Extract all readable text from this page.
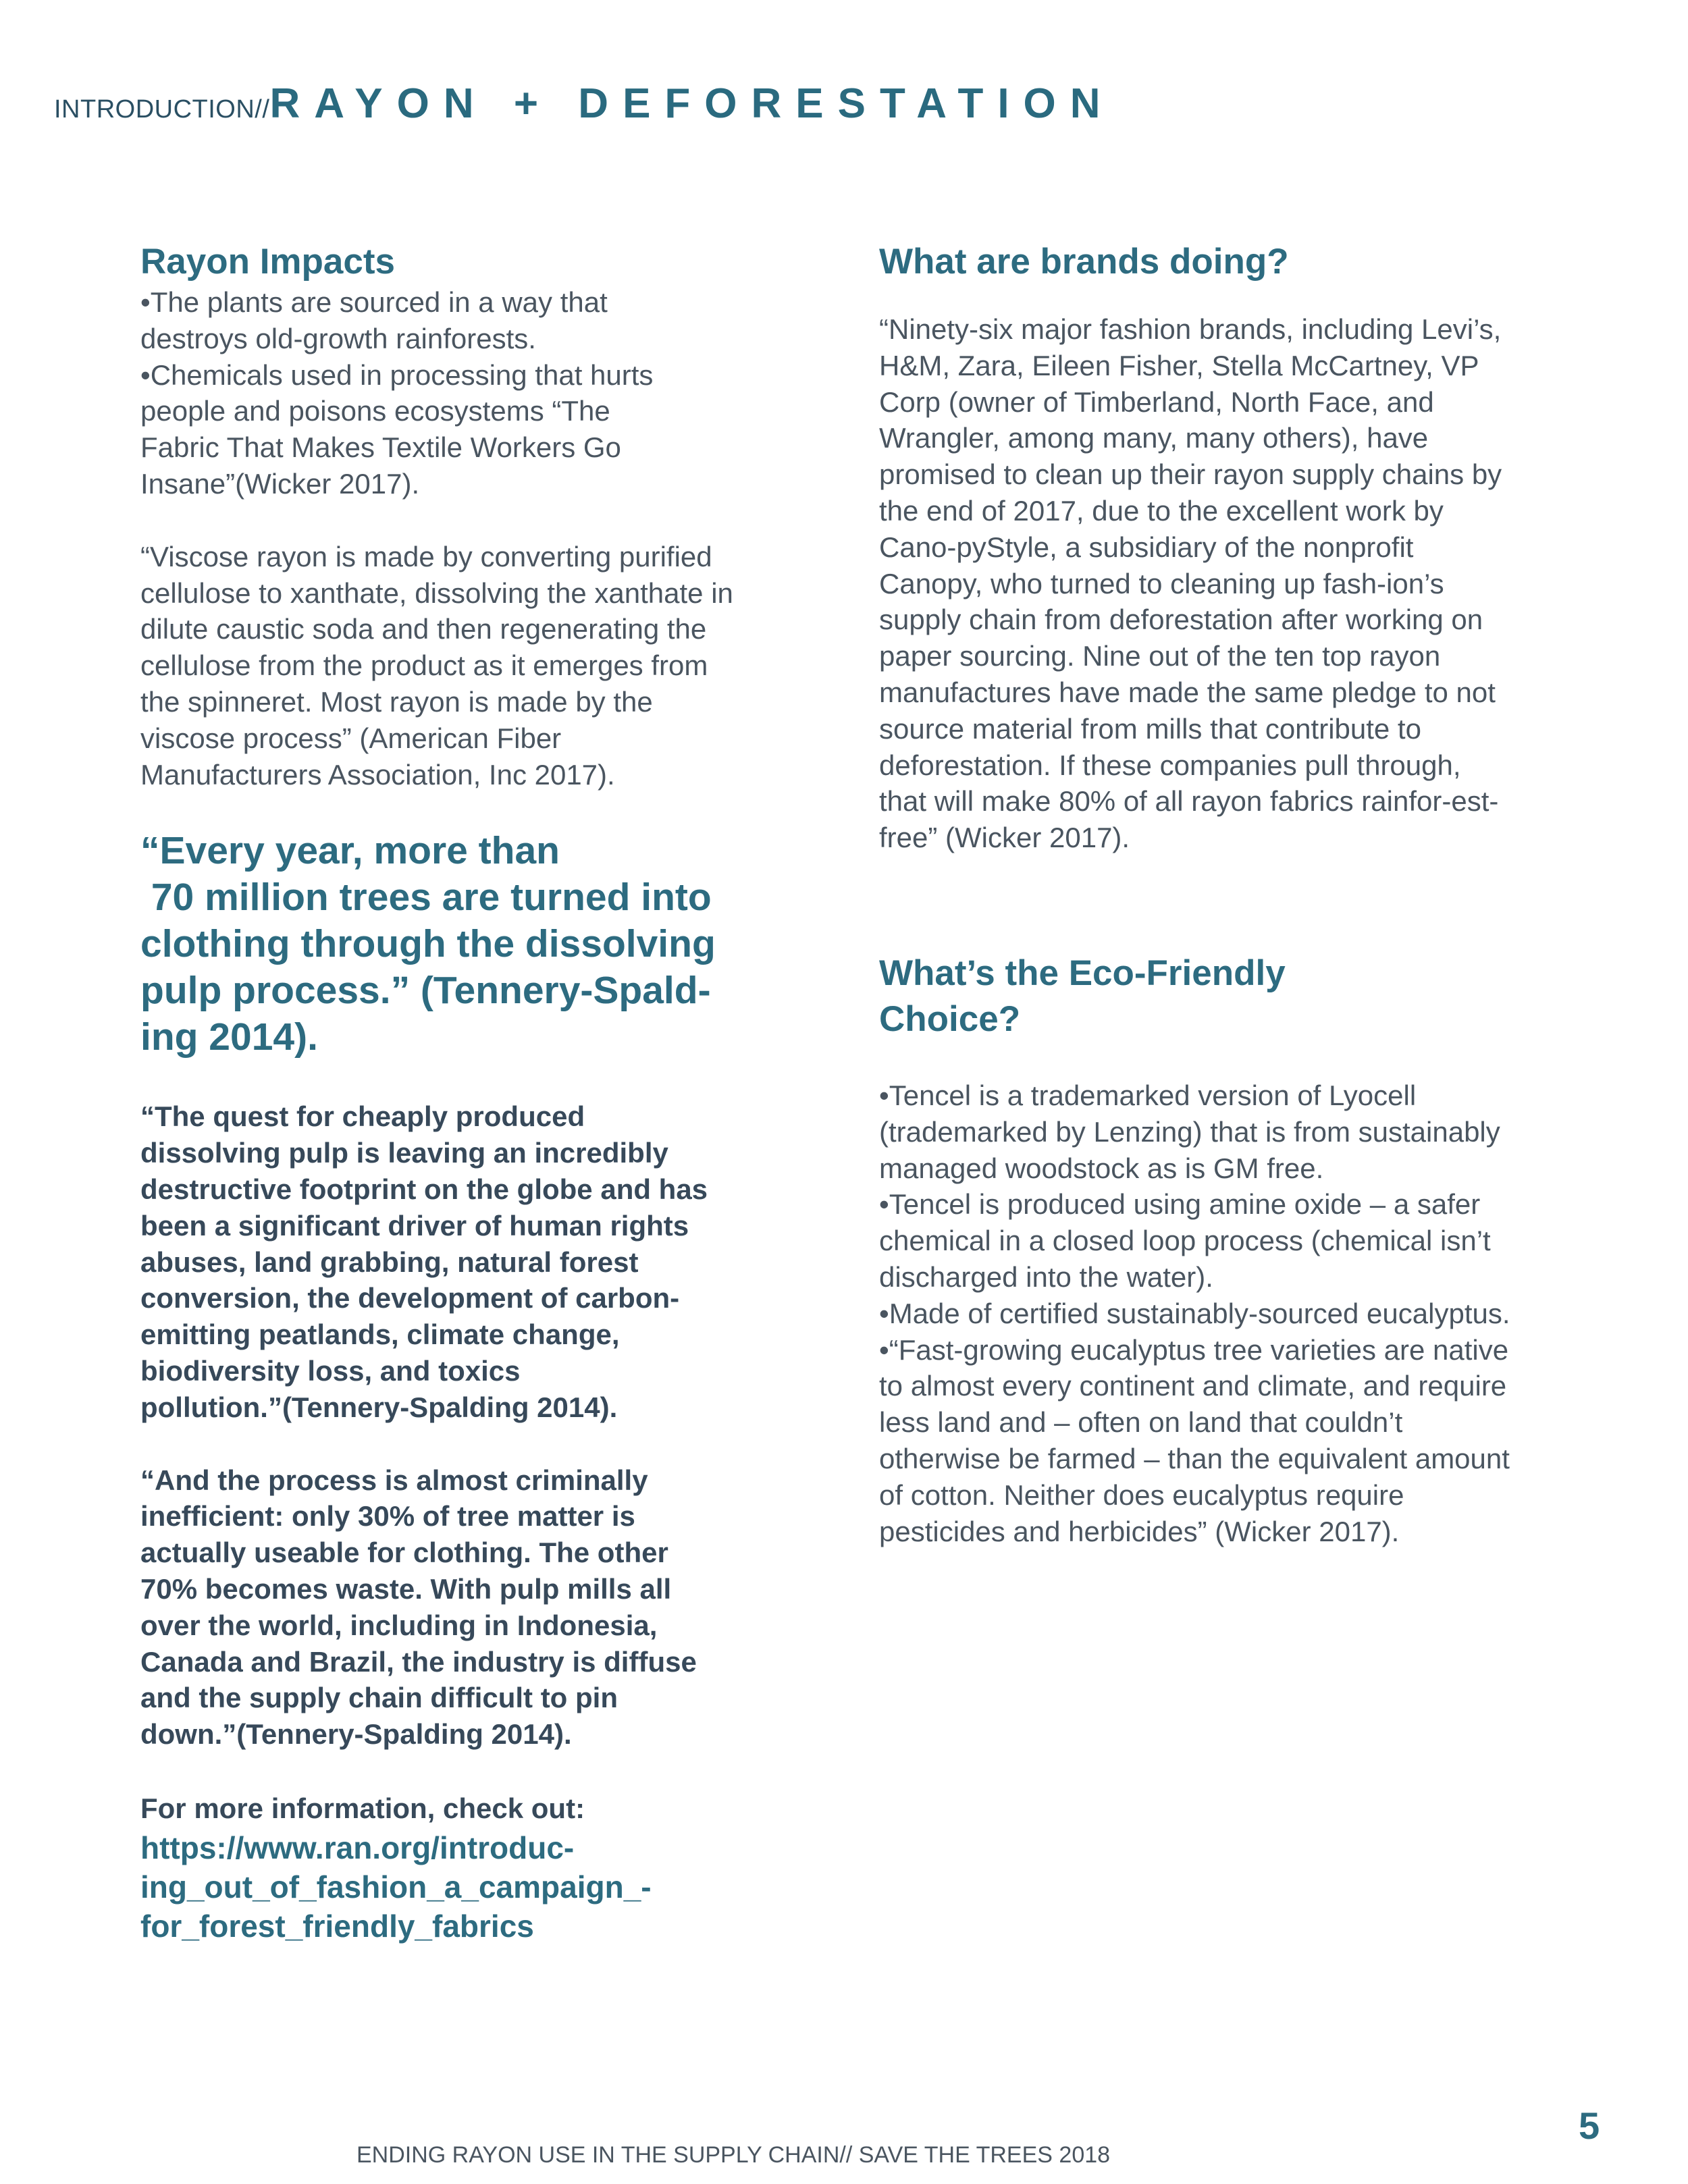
INTRODUCTION//RAYON + DEFORESTATION

Rayon Impacts

•The plants are sourced in a way that
destroys old-growth rainforests.
•Chemicals used in processing that hurts
people and poisons ecosystems “The
Fabric That Makes Textile Workers Go
Insane”(Wicker 2017).

“Viscose rayon is made by converting purified cellulose to xanthate, dissolving the xanthate in dilute caustic soda and then regenerating the cellulose from the product as it emerges from the spinneret. Most rayon is made by the viscose process” (American Fiber Manufacturers Association, Inc 2017).

“Every year, more than
70 million trees are turned into
clothing through the dissolving
pulp process.” (Tennery-Spald-
ing 2014).

“The quest for cheaply produced dissolving pulp is leaving an incredibly destructive footprint on the globe and has been a significant driver of human rights abuses, land grabbing, natural forest conversion, the development of carbon-emitting peatlands, climate change, biodiversity loss, and toxics pollution.”(Tennery-Spalding 2014).

“And the process is almost criminally inefficient: only 30% of tree matter is actually useable for clothing. The other 70% becomes waste. With pulp mills all over the world, including in Indonesia, Canada and Brazil, the industry is diffuse and the supply chain difficult to pin down.”(Tennery-Spalding 2014).

For more information, check out:

https://www.ran.org/introduc-
ing_out_of_fashion_a_campaign_-
for_forest_friendly_fabrics

What are brands doing?

“Ninety-six major fashion brands, including Levi’s, H&M, Zara, Eileen Fisher, Stella McCartney, VP Corp (owner of Timberland, North Face, and Wrangler, among many, many others), have promised to clean up their rayon supply chains by the end of 2017, due to the excellent work by Cano-pyStyle, a subsidiary of the nonprofit Canopy, who turned to cleaning up fash-ion’s supply chain from deforestation after working on paper sourcing. Nine out of the ten top rayon manufactures have made the same pledge to not source material from mills that contribute to deforestation. If these companies pull through, that will make 80% of all rayon fabrics rainfor-est-free” (Wicker 2017).

What’s the Eco-Friendly
Choice?

•Tencel is a trademarked version of Lyocell (trademarked by Lenzing) that is from sustainably managed woodstock as is GM free.

•Tencel is produced using amine oxide – a safer chemical in a closed loop process (chemical isn’t discharged into the water).

•Made of certified sustainably-sourced eucalyptus.

•“Fast-growing eucalyptus tree varieties are native to almost every continent and climate, and require less land and – often on land that couldn’t otherwise be farmed – than the equivalent amount of cotton. Neither does eucalyptus require pesticides and herbicides” (Wicker 2017).

ENDING RAYON USE IN THE SUPPLY CHAIN// SAVE THE TREES 2018
5
